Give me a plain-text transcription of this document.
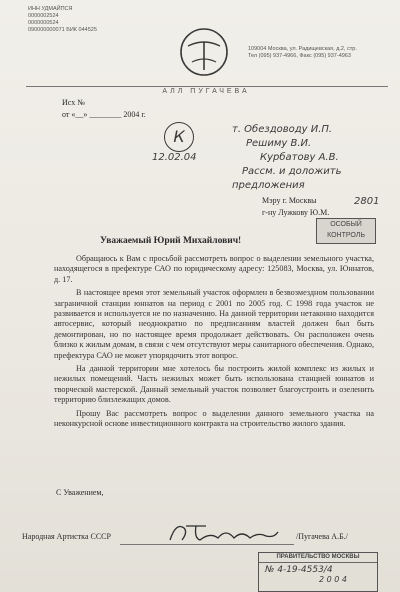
ИНН УДМАЙПСЯ
0000002524
0000000524
090000000071 БИК 044525
109004 Москва, ул. Радищевская, д.2, стр.
Тел (095) 937-4966, Факс (095) 937-4963
АЛЛ ПУГАЧЕВА
Исх №
от «__» ________ 2004 г.
К
12.02.04
т. Обездоводу И.П.
Решиму В.И.
Курбатову А.В.
Рассм. и доложить
предложения
2801
Мэру г. Москвы
г-ну Лужкову Ю.М.
ОСОБЫЙ КОНТРОЛЬ
Уважаемый Юрий Михайлович!

Обращаюсь к Вам с просьбой рассмотреть вопрос о выделении земельного участка, находящегося в префектуре САО по юридическому адресу: 125083, Москва, ул. Юннатов, д. 17.

В настоящее время этот земельный участок оформлен в безвозмездном пользовании заграничной станции юннатов на период с 2001 по 2005 год. С 1998 года участок не развивается и используется не по назначению. На данной территории нетаконно находится автосервис, который неоднократно по предписаниям властей должен был быть демонтирован, но по настоящее время продолжает действовать. Он расположен очень близко к жилым домам, в связи с чем отсутствуют меры санитарного обеспечения. Однако, префектура САО не может упорядочить этот вопрос.

На данной территории мне хотелось бы построить жилой комплекс из жилых и нежилых помещений. Часть нежилых может быть использована станцией юннатов и творческой мастерской. Данный земельный участок позволяет благоустроить и озеленить территорию близлежащих домов.

Прошу Вас рассмотреть вопрос о выделении данного земельного участка на неконкурсной основе инвестиционного контракта на строительство жилого здания.

С Уважением,
Народная Артистка СССР	/Пугачева А.Б./
ПРАВИТЕЛЬСТВО МОСКВЫ
№ 4-19-4553/4
2 0 0 4
